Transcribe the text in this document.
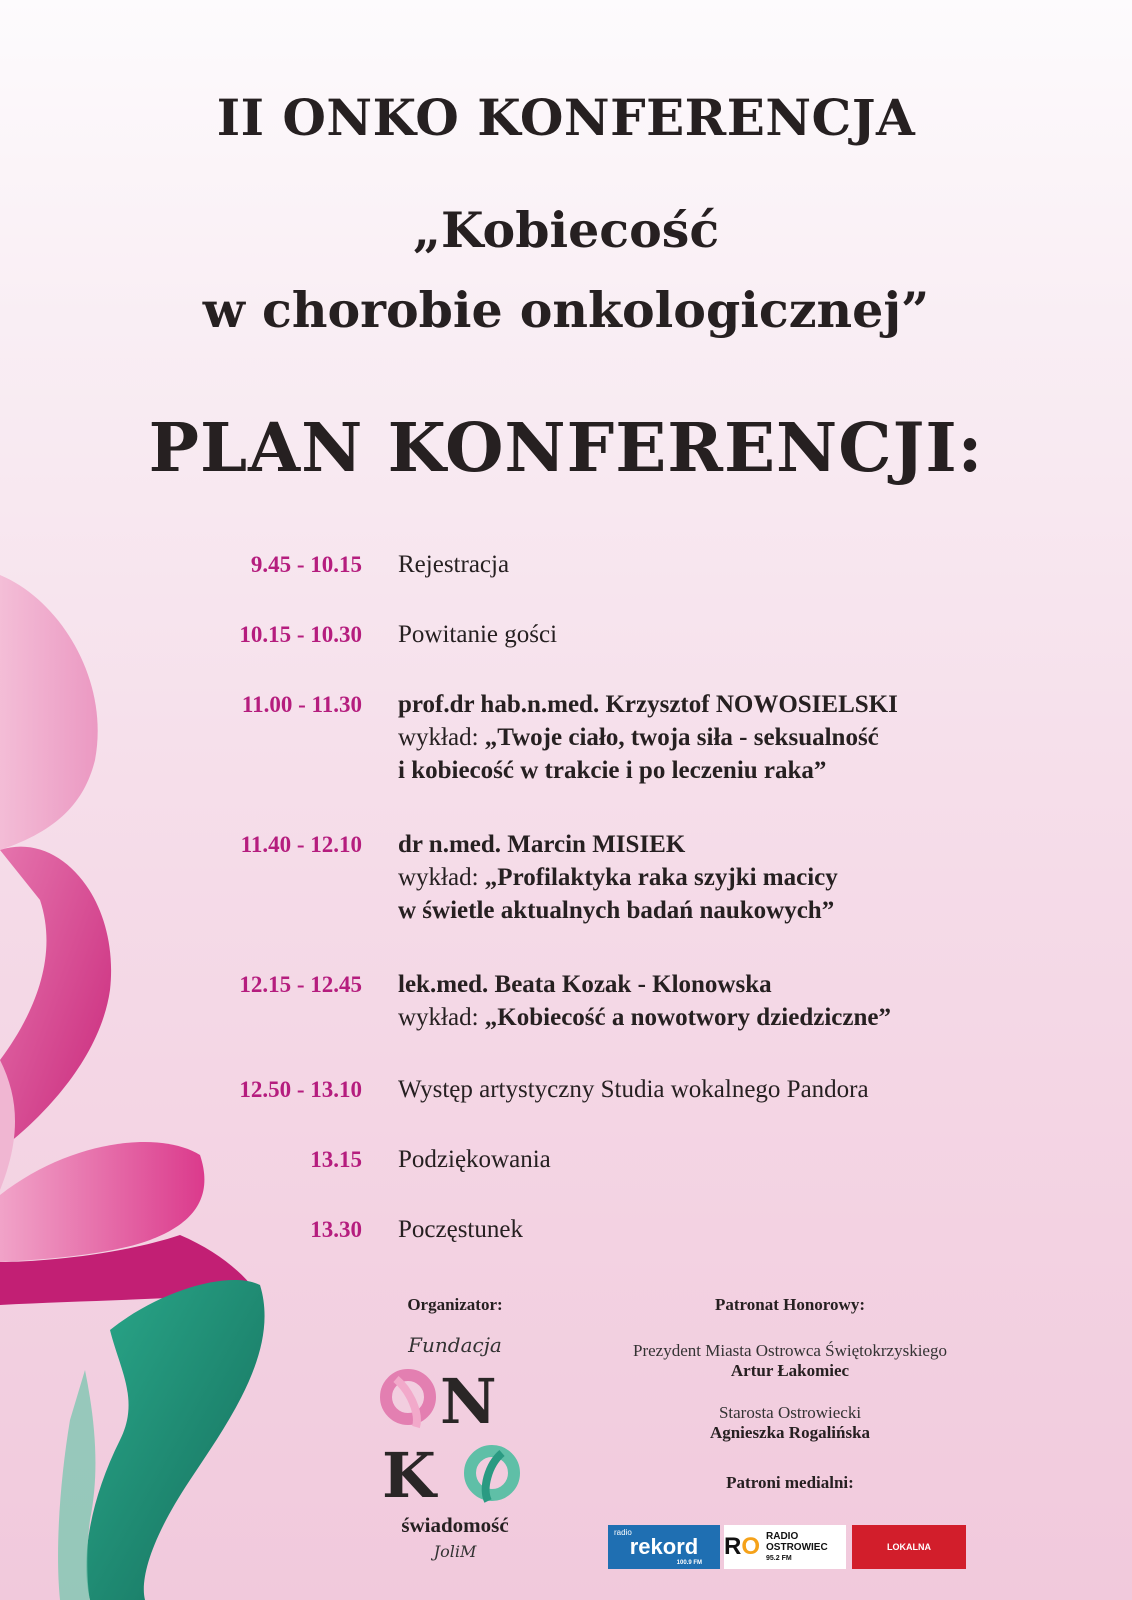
II ONKO KONFERENCJA
„Kobiecość
w chorobie onkologicznej”
PLAN KONFERENCJI:
9.45 - 10.15 Rejestracja
10.15 - 10.30 Powitanie gości
11.00 - 11.30 prof.dr hab.n.med. Krzysztof NOWOSIELSKI
wykład: „Twoje ciało, twoja siła - seksualność
i kobiecość w trakcie i po leczeniu raka”
11.40 - 12.10 dr n.med. Marcin MISIEK
wykład: „Profilaktyka raka szyjki macicy
w świetle aktualnych badań naukowych”
12.15 - 12.45 lek.med. Beata Kozak - Klonowska
wykład: „Kobiecość a nowotwory dziedziczne”
12.50 - 13.10 Występ artystyczny Studia wokalnego Pandora
13.15 Podziękowania
13.30 Poczęstunek
Organizator:
Fundacja
N
K
świadomość
JoliM
Patronat Honorowy:
Prezydent Miasta Ostrowca Świętokrzyskiego
Artur Łakomiec
Starosta Ostrowiecki
Agnieszka Rogalińska
Patroni medialni:
radio
rekord
100.9 FM
RO RADIO OSTROWIEC
95.2 FM
LOKALNA
